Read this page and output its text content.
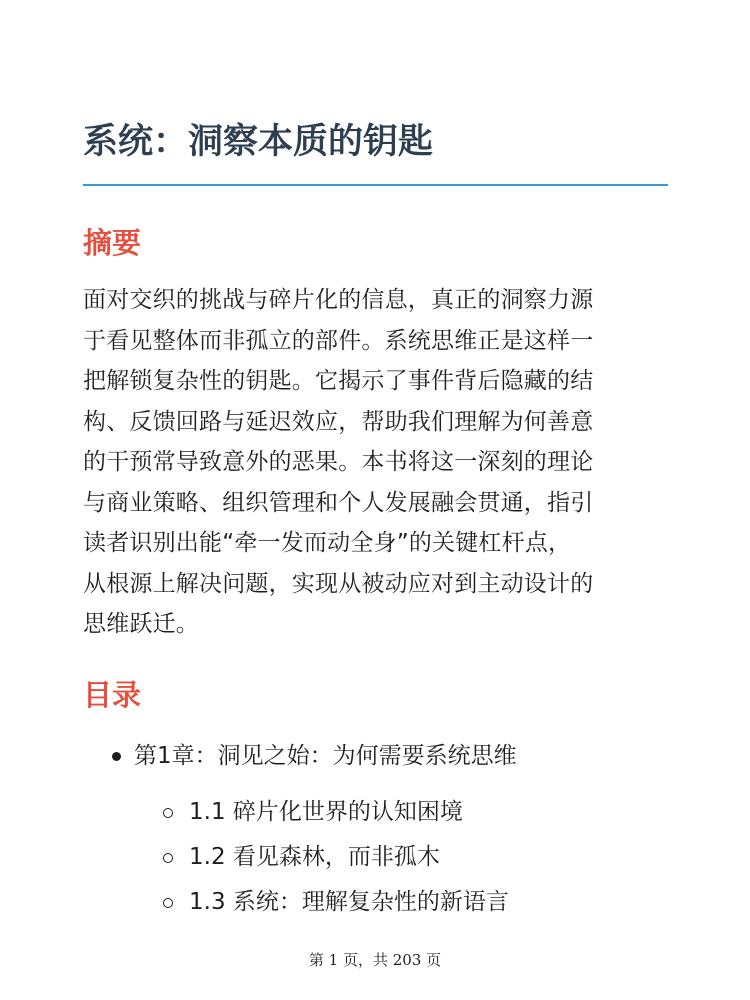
系统：洞察本质的钥匙
摘要
面对交织的挑战与碎片化的信息，真正的洞察力源
于看见整体而非孤立的部件。系统思维正是这样一
把解锁复杂性的钥匙。它揭示了事件背后隐藏的结
构、反馈回路与延迟效应，帮助我们理解为何善意
的干预常导致意外的恶果。本书将这一深刻的理论
与商业策略、组织管理和个人发展融会贯通，指引
读者识别出能“牵一发而动全身”的关键杠杆点，
从根源上解决问题，实现从被动应对到主动设计的
思维跃迁。
目录
第1章：洞见之始：为何需要系统思维
1.1 碎片化世界的认知困境
1.2 看见森林，而非孤木
1.3 系统：理解复杂性的新语言
第 1 页，共 203 页
